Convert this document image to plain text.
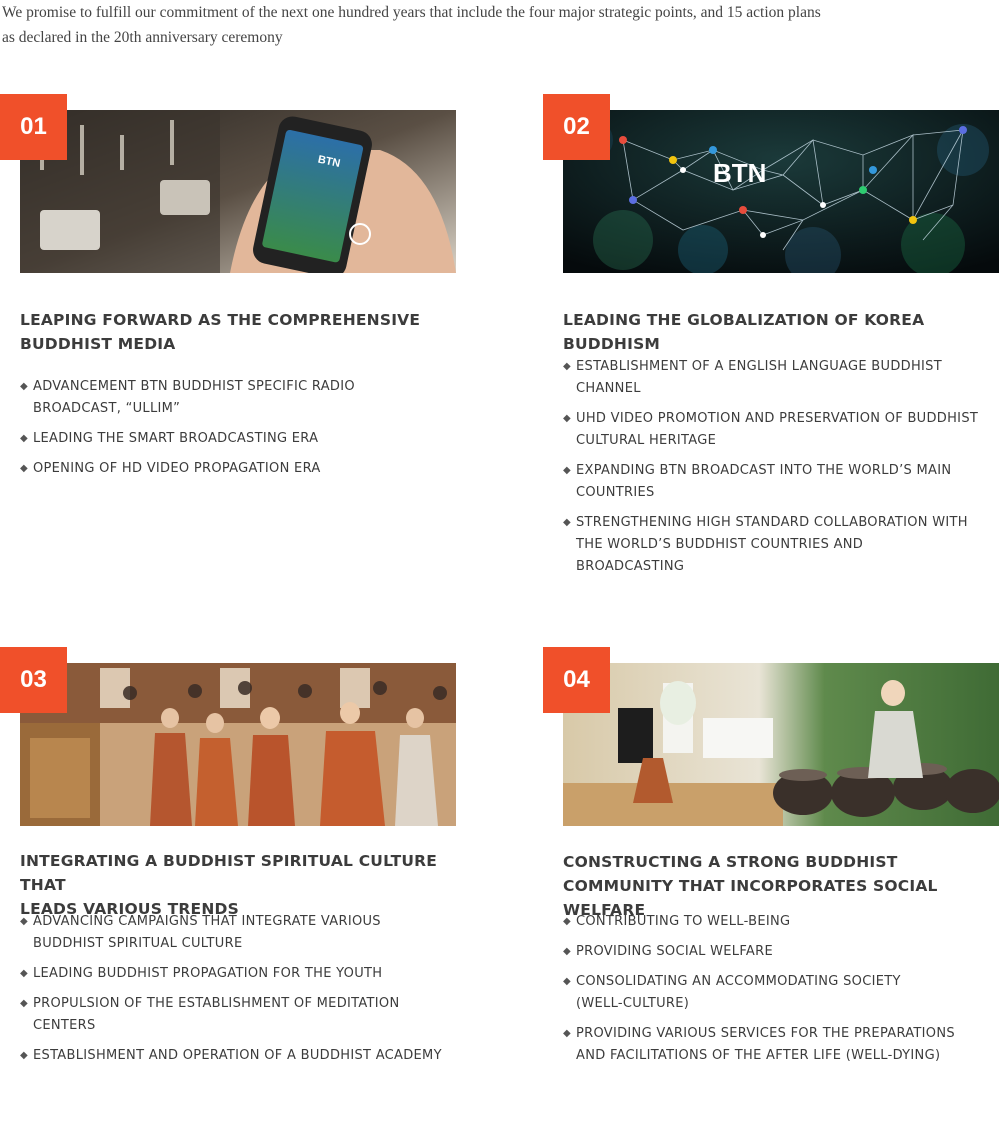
We promise to fulfill our commitment of the next one hundred years that include the four major strategic points, and 15 action plans
as declared in the 20th anniversary ceremony

01
BTN
LEAPING FORWARD AS THE COMPREHENSIVE
BUDDHIST MEDIA
◆ ADVANCEMENT BTN BUDDHIST SPECIFIC RADIO
BROADCAST, “ULLIM”
◆ LEADING THE SMART BROADCASTING ERA
◆ OPENING OF HD VIDEO PROPAGATION ERA
02
BTN
LEADING THE GLOBALIZATION OF KOREA BUDDHISM
◆ ESTABLISHMENT OF A ENGLISH LANGUAGE BUDDHIST
CHANNEL
◆ UHD VIDEO PROMOTION AND PRESERVATION OF BUDDHIST
CULTURAL HERITAGE
◆ EXPANDING BTN BROADCAST INTO THE WORLD’S MAIN
COUNTRIES
◆ STRENGTHENING HIGH STANDARD COLLABORATION WITH
THE WORLD’S BUDDHIST COUNTRIES AND
BROADCASTING
03
INTEGRATING A BUDDHIST SPIRITUAL CULTURE THAT
LEADS VARIOUS TRENDS
◆ ADVANCING CAMPAIGNS THAT INTEGRATE VARIOUS
BUDDHIST SPIRITUAL CULTURE
◆ LEADING BUDDHIST PROPAGATION FOR THE YOUTH
◆ PROPULSION OF THE ESTABLISHMENT OF MEDITATION
CENTERS
◆ ESTABLISHMENT AND OPERATION OF A BUDDHIST ACADEMY
04
CONSTRUCTING A STRONG BUDDHIST
COMMUNITY THAT INCORPORATES SOCIAL WELFARE
◆ CONTRIBUTING TO WELL-BEING
◆ PROVIDING SOCIAL WELFARE
◆ CONSOLIDATING AN ACCOMMODATING SOCIETY
(WELL-CULTURE)
◆ PROVIDING VARIOUS SERVICES FOR THE PREPARATIONS
AND FACILITATIONS OF THE AFTER LIFE (WELL-DYING)
